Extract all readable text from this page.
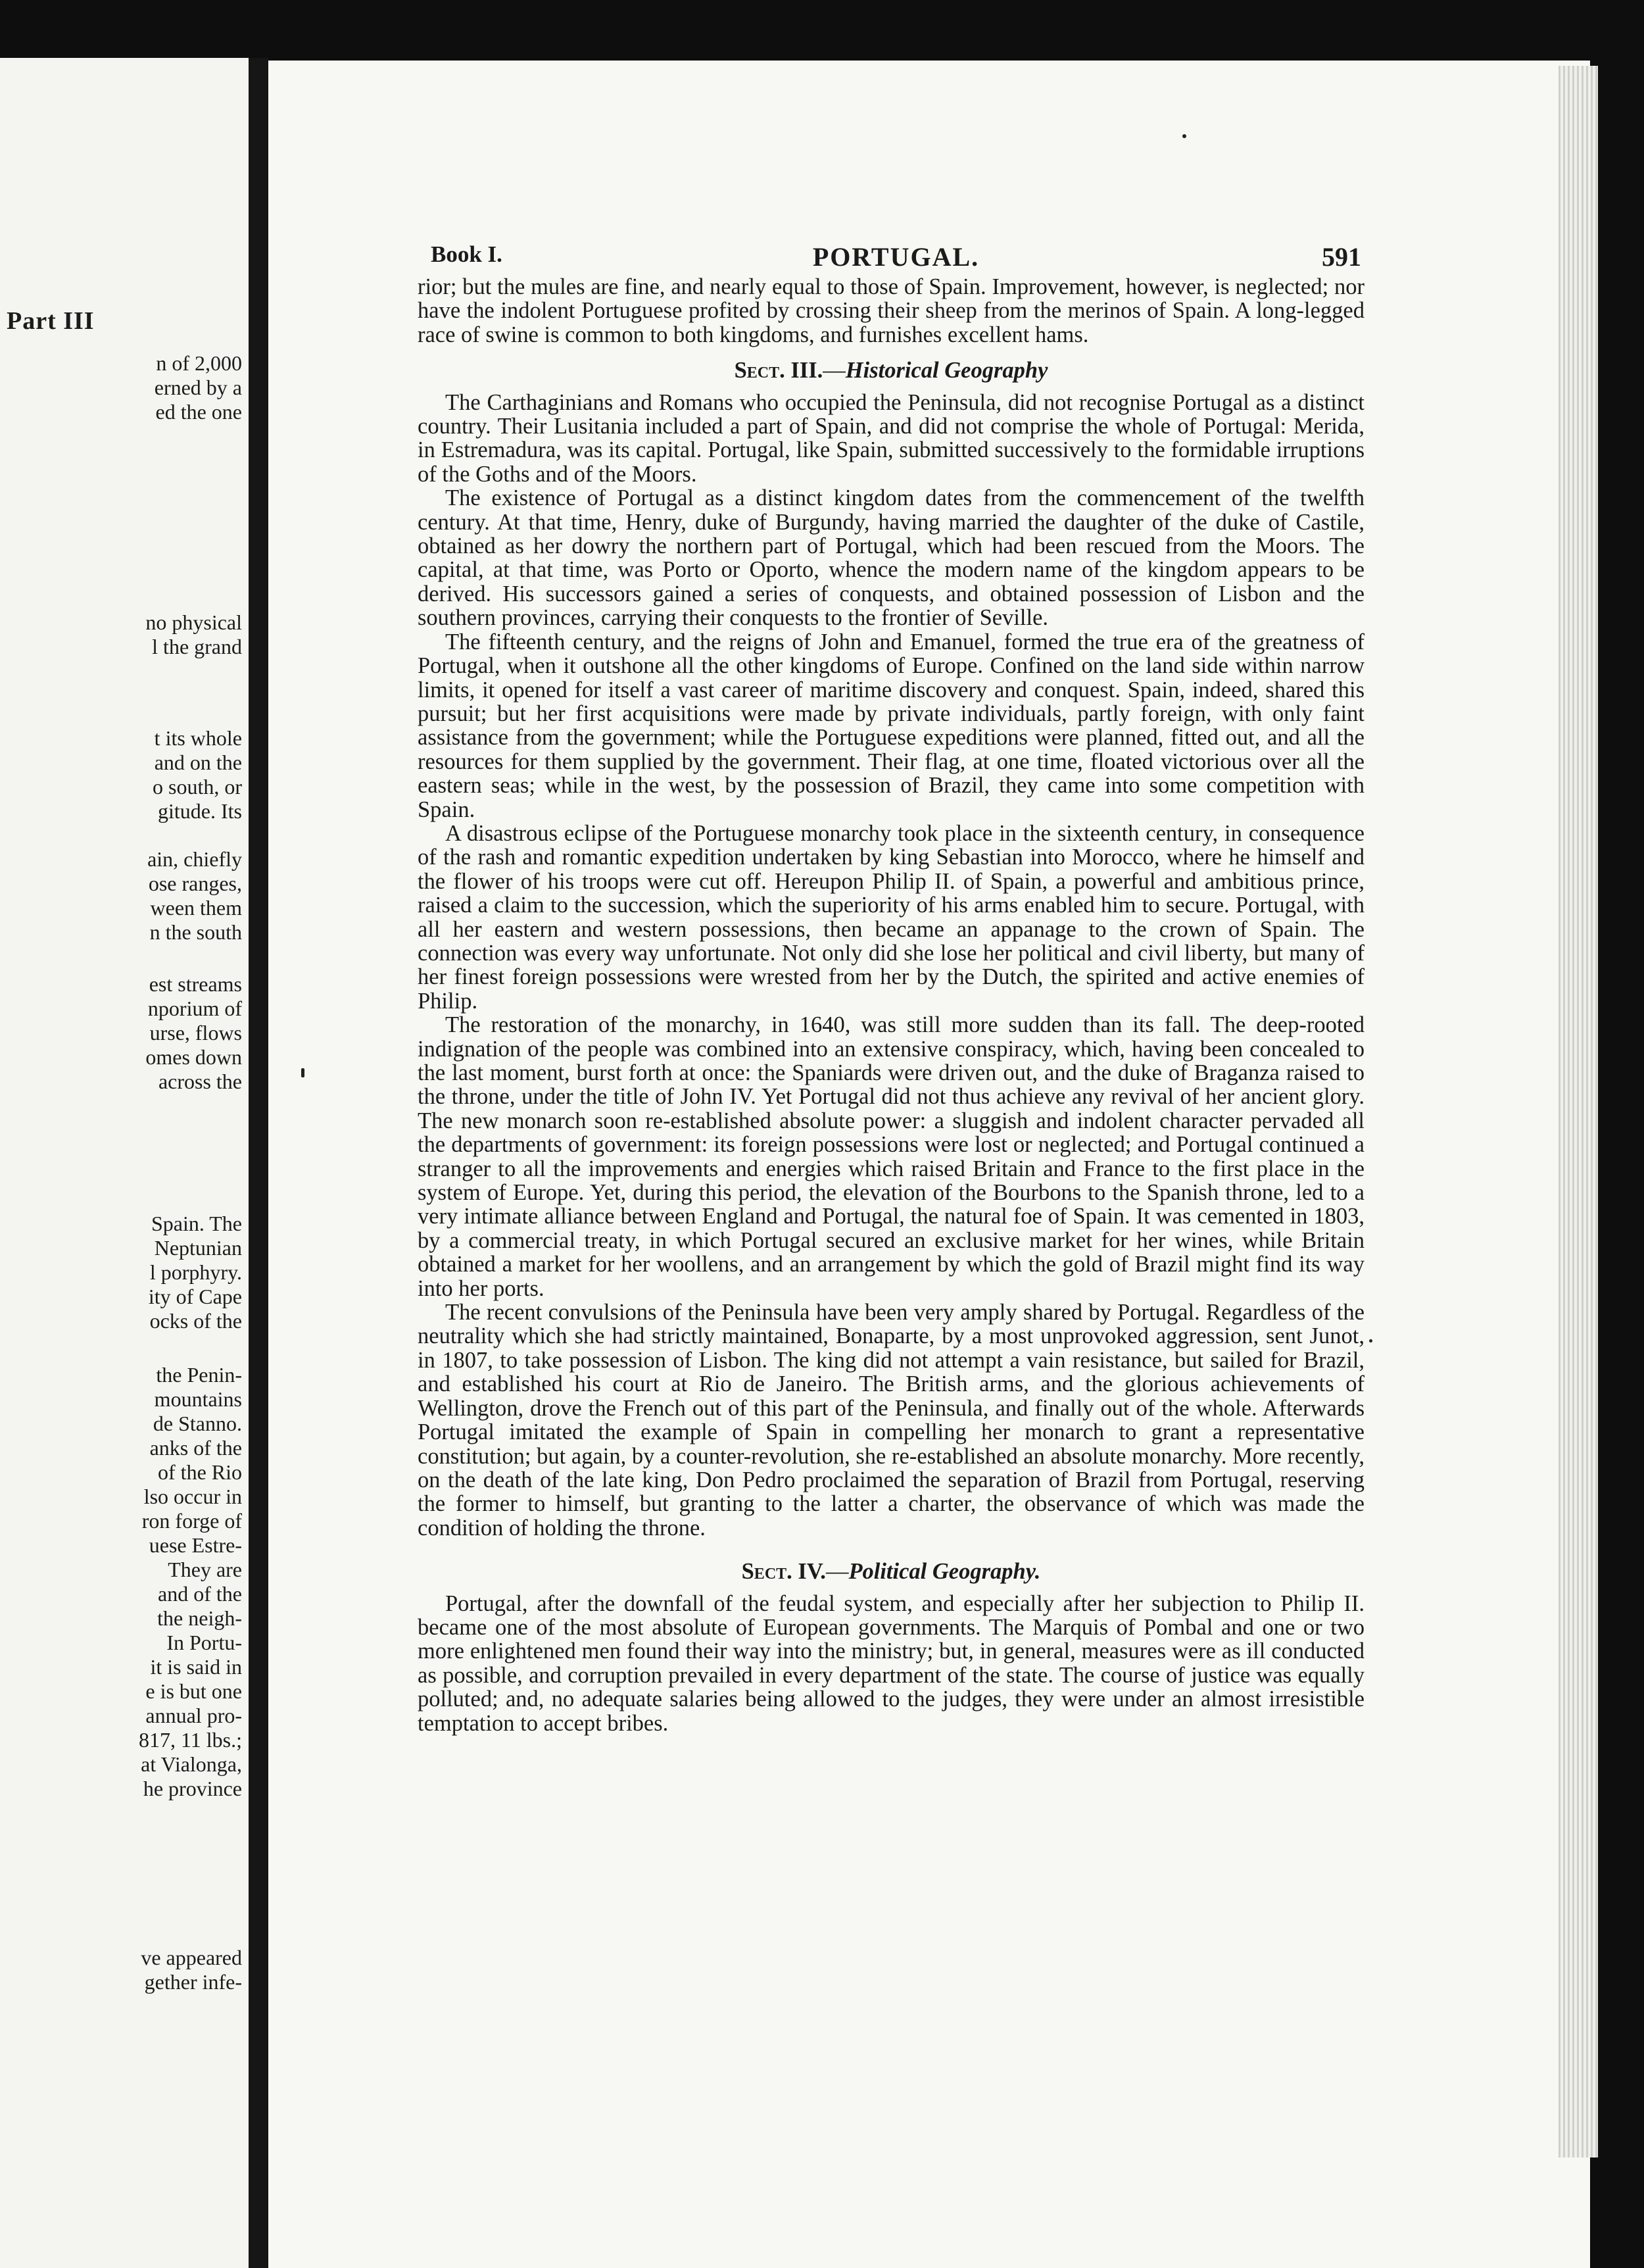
Part III

n of 2,000

erned by a

ed the one

no physical

l the grand

t its whole

and on the

o south, or

gitude. Its

ain, chiefly

ose ranges,

ween them

n the south

est streams

nporium of

urse, flows

omes down

across the

Spain. The

Neptunian

l porphyry.

ity of Cape

ocks of the

the Penin-

mountains

de Stanno.

anks of the

of the Rio

lso occur in

ron forge of

uese Estre-

They are

and of the

the neigh-

In Portu-

it is said in

e is but one

annual pro-

817, 11 lbs.;

at Vialonga,

he province

ve appeared

gether infe-

Book I.	PORTUGAL.	591

rior; but the mules are fine, and nearly equal to those of Spain. Improvement, however, is neglected; nor have the indolent Portuguese profited by crossing their sheep from the merinos of Spain. A long-legged race of swine is common to both kingdoms, and furnishes excellent hams.

Sect. III.—Historical Geography

The Carthaginians and Romans who occupied the Peninsula, did not recognise Portugal as a distinct country. Their Lusitania included a part of Spain, and did not comprise the whole of Portugal: Merida, in Estremadura, was its capital. Portugal, like Spain, submitted successively to the formidable irruptions of the Goths and of the Moors.

The existence of Portugal as a distinct kingdom dates from the commencement of the twelfth century. At that time, Henry, duke of Burgundy, having married the daughter of the duke of Castile, obtained as her dowry the northern part of Portugal, which had been rescued from the Moors. The capital, at that time, was Porto or Oporto, whence the modern name of the kingdom appears to be derived. His successors gained a series of conquests, and obtained possession of Lisbon and the southern provinces, carrying their conquests to the frontier of Seville.

The fifteenth century, and the reigns of John and Emanuel, formed the true era of the greatness of Portugal, when it outshone all the other kingdoms of Europe. Confined on the land side within narrow limits, it opened for itself a vast career of maritime discovery and conquest. Spain, indeed, shared this pursuit; but her first acquisitions were made by private individuals, partly foreign, with only faint assistance from the government; while the Portuguese expeditions were planned, fitted out, and all the resources for them supplied by the government. Their flag, at one time, floated victorious over all the eastern seas; while in the west, by the possession of Brazil, they came into some competition with Spain.

A disastrous eclipse of the Portuguese monarchy took place in the sixteenth century, in consequence of the rash and romantic expedition undertaken by king Sebastian into Morocco, where he himself and the flower of his troops were cut off. Hereupon Philip II. of Spain, a powerful and ambitious prince, raised a claim to the succession, which the superiority of his arms enabled him to secure. Portugal, with all her eastern and western possessions, then became an appanage to the crown of Spain. The connection was every way unfortunate. Not only did she lose her political and civil liberty, but many of her finest foreign possessions were wrested from her by the Dutch, the spirited and active enemies of Philip.

The restoration of the monarchy, in 1640, was still more sudden than its fall. The deep-rooted indignation of the people was combined into an extensive conspiracy, which, having been concealed to the last moment, burst forth at once: the Spaniards were driven out, and the duke of Braganza raised to the throne, under the title of John IV. Yet Portugal did not thus achieve any revival of her ancient glory. The new monarch soon re-established absolute power: a sluggish and indolent character pervaded all the departments of government: its foreign possessions were lost or neglected; and Portugal continued a stranger to all the improvements and energies which raised Britain and France to the first place in the system of Europe. Yet, during this period, the elevation of the Bourbons to the Spanish throne, led to a very intimate alliance between England and Portugal, the natural foe of Spain. It was cemented in 1803, by a commercial treaty, in which Portugal secured an exclusive market for her wines, while Britain obtained a market for her woollens, and an arrangement by which the gold of Brazil might find its way into her ports.

The recent convulsions of the Peninsula have been very amply shared by Portugal. Regardless of the neutrality which she had strictly maintained, Bonaparte, by a most unprovoked aggression, sent Junot, in 1807, to take possession of Lisbon. The king did not attempt a vain resistance, but sailed for Brazil, and established his court at Rio de Janeiro. The British arms, and the glorious achievements of Wellington, drove the French out of this part of the Peninsula, and finally out of the whole. Afterwards Portugal imitated the example of Spain in compelling her monarch to grant a representative constitution; but again, by a counter-revolution, she re-established an absolute monarchy. More recently, on the death of the late king, Don Pedro proclaimed the separation of Brazil from Portugal, reserving the former to himself, but granting to the latter a charter, the observance of which was made the condition of holding the throne.

Sect. IV.—Political Geography.

Portugal, after the downfall of the feudal system, and especially after her subjection to Philip II. became one of the most absolute of European governments. The Marquis of Pombal and one or two more enlightened men found their way into the ministry; but, in general, measures were as ill conducted as possible, and corruption prevailed in every department of the state. The course of justice was equally polluted; and, no adequate salaries being allowed to the judges, they were under an almost irresistible temptation to accept bribes.
